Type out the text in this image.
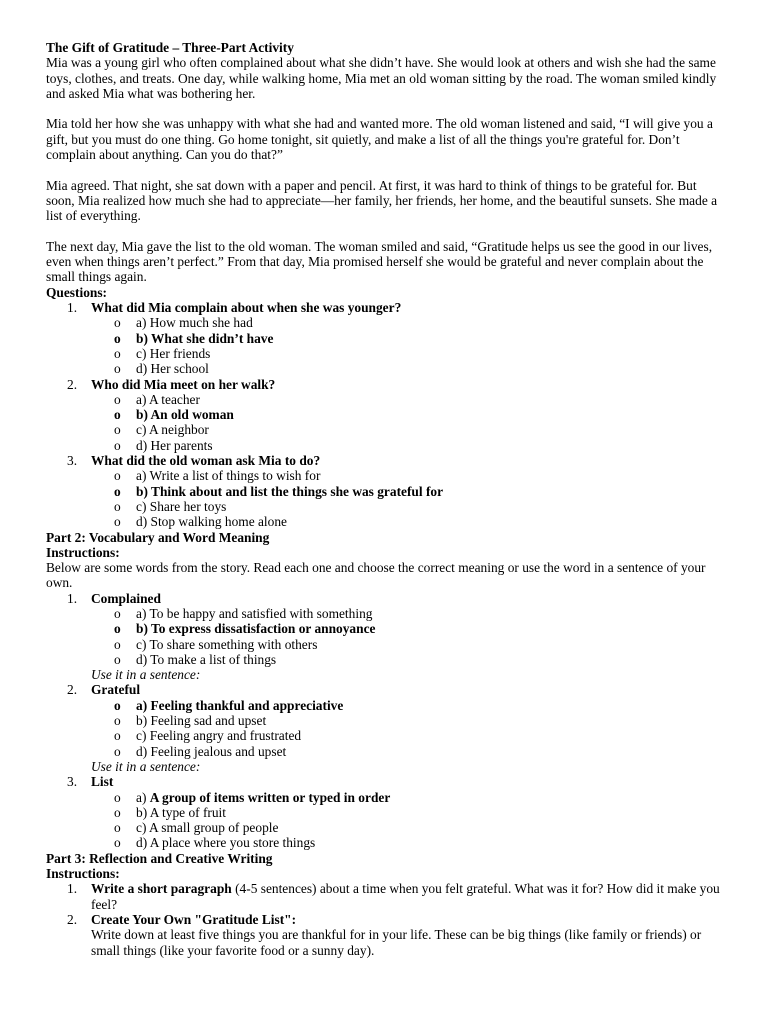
The Gift of Gratitude – Three-Part Activity

Mia was a young girl who often complained about what she didn’t have. She would look at others and wish she had the same toys, clothes, and treats. One day, while walking home, Mia met an old woman sitting by the road. The woman smiled kindly and asked Mia what was bothering her.

Mia told her how she was unhappy with what she had and wanted more. The old woman listened and said, “I will give you a gift, but you must do one thing. Go home tonight, sit quietly, and make a list of all the things you're grateful for. Don’t complain about anything. Can you do that?”

Mia agreed. That night, she sat down with a paper and pencil. At first, it was hard to think of things to be grateful for. But soon, Mia realized how much she had to appreciate—her family, her friends, her home, and the beautiful sunsets. She made a list of everything.

The next day, Mia gave the list to the old woman. The woman smiled and said, “Gratitude helps us see the good in our lives, even when things aren’t perfect.” From that day, Mia promised herself she would be grateful and never complain about the small things again.

Questions:

1.	What did Mia complain about when she was younger?
o a) How much she had
o b) What she didn’t have
o c) Her friends
o d) Her school
2.	Who did Mia meet on her walk?
o a) A teacher
o b) An old woman
o c) A neighbor
o d) Her parents
3.	What did the old woman ask Mia to do?
o a) Write a list of things to wish for
o b) Think about and list the things she was grateful for
o c) Share her toys
o d) Stop walking home alone

Part 2: Vocabulary and Word Meaning

Instructions:

Below are some words from the story. Read each one and choose the correct meaning or use the word in a sentence of your own.

1.	Complained
o a) To be happy and satisfied with something
o b) To express dissatisfaction or annoyance
o c) To share something with others
o d) To make a list of things

Use it in a sentence:

2.	Grateful
o a) Feeling thankful and appreciative
o b) Feeling sad and upset
o c) Feeling angry and frustrated
o d) Feeling jealous and upset

Use it in a sentence:

3.	List
o a) A group of items written or typed in order
o b) A type of fruit
o c) A small group of people
o d) A place where you store things

Part 3: Reflection and Creative Writing

Instructions:

1.	Write a short paragraph (4-5 sentences) about a time when you felt grateful. What was it for? How did it make you feel?
2.	Create Your Own "Gratitude List":

Write down at least five things you are thankful for in your life. These can be big things (like family or friends) or small things (like your favorite food or a sunny day).
